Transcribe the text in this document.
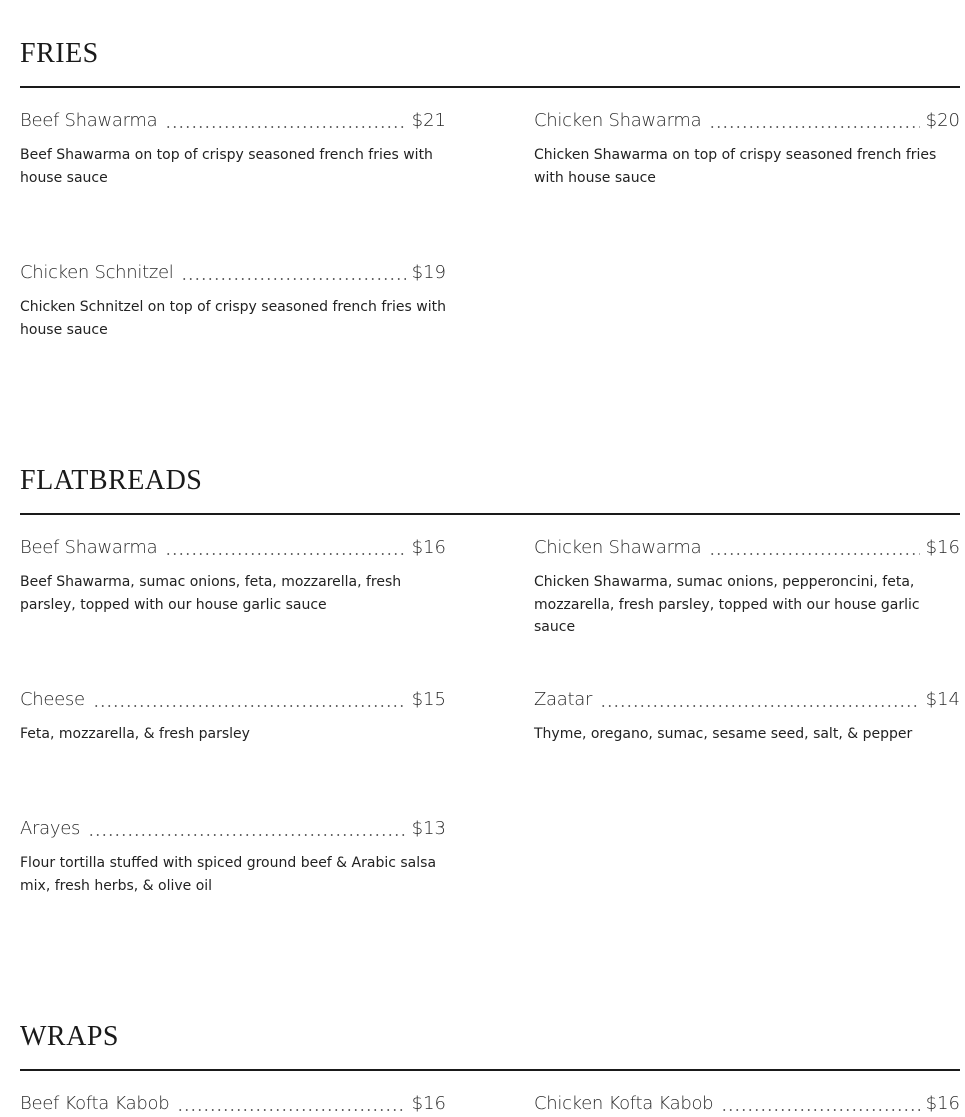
FRIES
Beef Shawarma	$21
Beef Shawarma on top of crispy seasoned french fries with house sauce
Chicken Shawarma	$20
Chicken Shawarma on top of crispy seasoned french fries with house sauce
Chicken Schnitzel	$19
Chicken Schnitzel on top of crispy seasoned french fries with house sauce
FLATBREADS
Beef Shawarma	$16
Beef Shawarma, sumac onions, feta, mozzarella, fresh parsley, topped with our house garlic sauce
Chicken Shawarma	$16
Chicken Shawarma, sumac onions, pepperoncini, feta, mozzarella, fresh parsley, topped with our house garlic sauce
Cheese	$15
Feta, mozzarella, & fresh parsley
Zaatar	$14
Thyme, oregano, sumac, sesame seed, salt, & pepper
Arayes	$13
Flour tortilla stuffed with spiced ground beef & Arabic salsa mix, fresh herbs, & olive oil
WRAPS
Beef Kofta Kabob	$16	Chicken Kofta Kabob	$16
